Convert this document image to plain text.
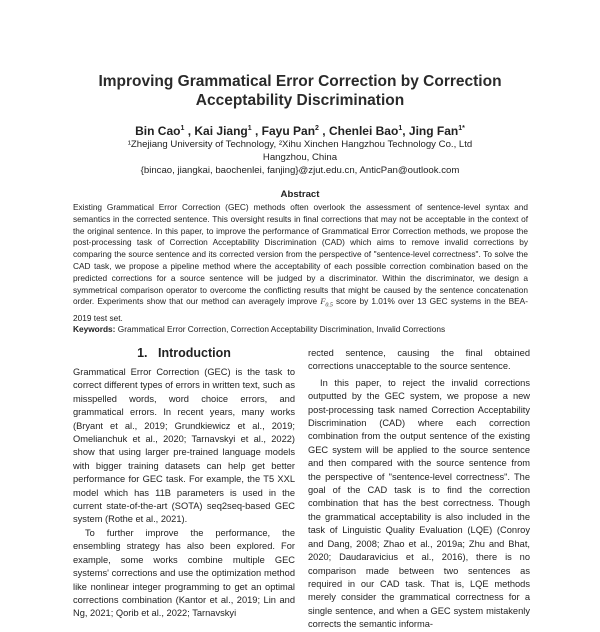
Improving Grammatical Error Correction by Correction
Acceptability Discrimination
Bin Cao$^1$ , Kai Jiang$^1$ , Fayu Pan$^2$ , Chenlei Bao$^1$, Jing Fan$^{1*}$
¹Zhejiang University of Technology, ²Xihu Xinchen Hangzhou Technology Co., Ltd
Hangzhou, China
{bincao, jiangkai, baochenlei, fanjing}@zjut.edu.cn, AnticPan@outlook.com
Abstract
Existing Grammatical Error Correction (GEC) methods often overlook the assessment of sentence-level syntax and semantics in the corrected sentence. This oversight results in final corrections that may not be acceptable in the context of the original sentence. In this paper, to improve the performance of Grammatical Error Correction methods, we propose the post-processing task of Correction Acceptability Discrimination (CAD) which aims to remove invalid corrections by comparing the source sentence and its corrected version from the perspective of "sentence-level correctness". To solve the CAD task, we propose a pipeline method where the acceptability of each possible correction combination based on the predicted corrections for a source sentence will be judged by a discriminator. Within the discriminator, we design a symmetrical comparison operator to overcome the conflicting results that might be caused by the sentence concatenation order. Experiments show that our method can averagely improve $F_{0.5}$ score by 1.01% over 13 GEC systems in the BEA-2019 test set.
Keywords: Grammatical Error Correction, Correction Acceptability Discrimination, Invalid Corrections
1. Introduction

Grammatical Error Correction (GEC) is the task to correct different types of errors in written text, such as misspelled words, word choice errors, and grammatical errors. In recent years, many works (Bryant et al., 2019; Grundkiewicz et al., 2019; Omelianchuk et al., 2020; Tarnavskyi et al., 2022) show that using larger pre-trained language models with bigger training datasets can help get better performance for GEC task. For example, the T5 XXL model which has 11B parameters is used in the current state-of-the-art (SOTA) seq2seq-based GEC system (Rothe et al., 2021).

To further improve the performance, the ensembling strategy has also been explored. For example, some works combine multiple GEC systems' corrections and use the optimization method like nonlinear integer programming to get an optimal corrections combination (Kantor et al., 2019; Lin and Ng, 2021; Qorib et al., 2022; Tarnavskyi

rected sentence, causing the final obtained corrections unacceptable to the source sentence.

In this paper, to reject the invalid corrections outputted by the GEC system, we propose a new post-processing task named Correction Acceptability Discrimination (CAD) where each correction combination from the output sentence of the existing GEC system will be applied to the source sentence and then compared with the source sentence from the perspective of "sentence-level correctness". The goal of the CAD task is to find the correction combination that has the best correctness. Though the grammatical acceptability is also included in the task of Linguistic Quality Evaluation (LQE) (Conroy and Dang, 2008; Zhao et al., 2019a; Zhu and Bhat, 2020; Daudaravicius et al., 2016), there is no comparison made between two sentences as required in our CAD task. That is, LQE methods merely consider the grammatical correctness for a single sentence, and when a GEC system mistakenly corrects the semantic informa-
